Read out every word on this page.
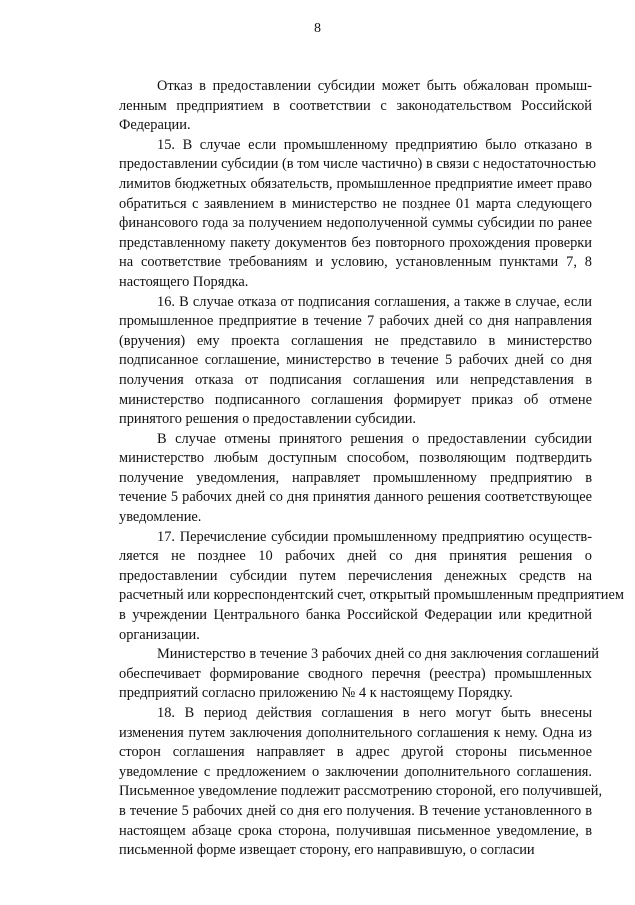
8
Отказ в предоставлении субсидии может быть обжалован промыш-
ленным предприятием в соответствии с законодательством Российской
Федерации.
15. В случае если промышленному предприятию было отказано в
предоставлении субсидии (в том числе частично) в связи с недостаточностью
лимитов бюджетных обязательств, промышленное предприятие имеет право
обратиться с заявлением в министерство не позднее 01 марта следующего
финансового года за получением недополученной суммы субсидии по ранее
представленному пакету документов без повторного прохождения проверки
на соответствие требованиям и условию, установленным пунктами 7, 8
настоящего Порядка.
16. В случае отказа от подписания соглашения, а также в случае, если
промышленное предприятие в течение 7 рабочих дней со дня направления
(вручения) ему проекта соглашения не представило в министерство
подписанное соглашение, министерство в течение 5 рабочих дней со дня
получения отказа от подписания соглашения или непредставления в
министерство подписанного соглашения формирует приказ об отмене
принятого решения о предоставлении субсидии.
В случае отмены принятого решения о предоставлении субсидии
министерство любым доступным способом, позволяющим подтвердить
получение уведомления, направляет промышленному предприятию в
течение 5 рабочих дней со дня принятия данного решения соответствующее
уведомление.
17. Перечисление субсидии промышленному предприятию осуществ-
ляется не позднее 10 рабочих дней со дня принятия решения о
предоставлении субсидии путем перечисления денежных средств на
расчетный или корреспондентский счет, открытый промышленным предприятием
в учреждении Центрального банка Российской Федерации или кредитной
организации.
Министерство в течение 3 рабочих дней со дня заключения соглашений
обеспечивает формирование сводного перечня (реестра) промышленных
предприятий согласно приложению № 4 к настоящему Порядку.
18. В период действия соглашения в него могут быть внесены
изменения путем заключения дополнительного соглашения к нему. Одна из
сторон соглашения направляет в адрес другой стороны письменное
уведомление с предложением о заключении дополнительного соглашения.
Письменное уведомление подлежит рассмотрению стороной, его получившей,
в течение 5 рабочих дней со дня его получения. В течение установленного в
настоящем абзаце срока сторона, получившая письменное уведомление, в
письменной форме извещает сторону, его направившую, о согласии
